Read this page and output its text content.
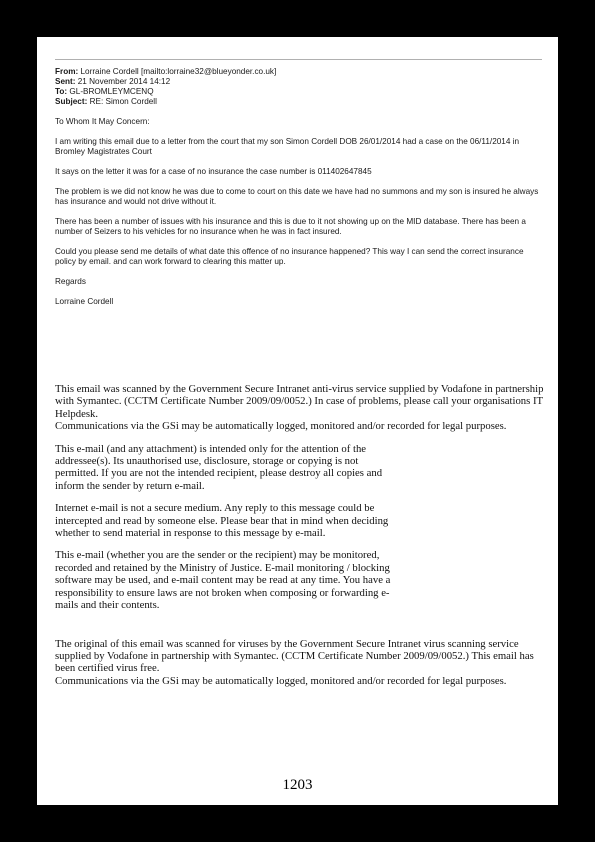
From: Lorraine Cordell [mailto:lorraine32@blueyonder.co.uk]
Sent: 21 November 2014 14:12
To: GL-BROMLEYMCENQ
Subject: RE: Simon Cordell

To Whom It May Concern:

I am writing this email due to a letter from the court that my son Simon Cordell DOB 26/01/2014 had a case on the 06/11/2014 in Bromley Magistrates Court

It says on the letter it was for a case of no insurance the case number is 011402647845

The problem is we did not know he was due to come to court on this date we have had no summons and my son is insured he always has insurance and would not drive without it.

There has been a number of issues with his insurance and this is due to it not showing up on the MID database. There has been a number of Seizers to his vehicles for no insurance when he was in fact insured.

Could you please send me details of what date this offence of no insurance happened? This way I can send the correct insurance policy by email. and can work forward to clearing this matter up.

Regards

Lorraine Cordell

This email was scanned by the Government Secure Intranet anti-virus service supplied by Vodafone in partnership with Symantec. (CCTM Certificate Number 2009/09/0052.) In case of problems, please call your organisations IT Helpdesk.
Communications via the GSi may be automatically logged, monitored and/or recorded for legal purposes.

This e-mail (and any attachment) is intended only for the attention of the addressee(s). Its unauthorised use, disclosure, storage or copying is not permitted. If you are not the intended recipient, please destroy all copies and inform the sender by return e-mail.

Internet e-mail is not a secure medium. Any reply to this message could be intercepted and read by someone else. Please bear that in mind when deciding whether to send material in response to this message by e-mail.

This e-mail (whether you are the sender or the recipient) may be monitored, recorded and retained by the Ministry of Justice. E-mail monitoring / blocking software may be used, and e-mail content may be read at any time. You have a responsibility to ensure laws are not broken when composing or forwarding e-mails and their contents.

The original of this email was scanned for viruses by the Government Secure Intranet virus scanning service supplied by Vodafone in partnership with Symantec. (CCTM Certificate Number 2009/09/0052.) This email has been certified virus free.
Communications via the GSi may be automatically logged, monitored and/or recorded for legal purposes.

1203
